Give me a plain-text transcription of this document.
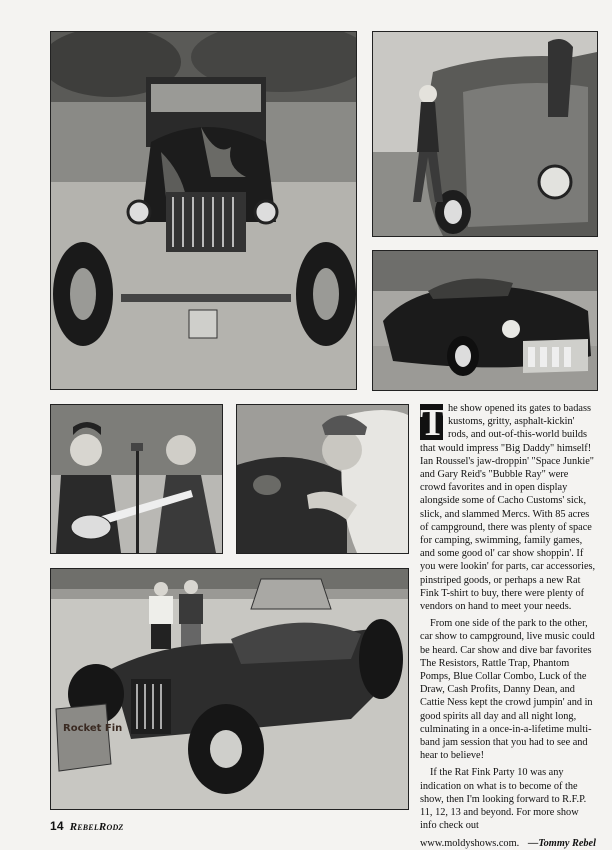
Rocket Fin

T he show opened its gates to badass kustoms, gritty, asphalt-kickin' rods, and out-of-this-world builds that would impress "Big Daddy" himself! Ian Roussel's jaw-droppin' "Space Junkie" and Gary Reid's "Bubble Ray" were crowd favorites and in open display alongside some of Cacho Customs' sick, slick, and slammed Mercs. With 85 acres of campground, there was plenty of space for camping, swimming, family games, and some good ol' car show shoppin'. If you were lookin' for parts, car accessories, pinstriped goods, or perhaps a new Rat Fink T-shirt to buy, there were plenty of vendors on hand to meet your needs.

From one side of the park to the other, car show to campground, live music could be heard. Car show and dive bar favorites The Resistors, Rattle Trap, Phantom Pomps, Blue Collar Combo, Luck of the Draw, Cash Profits, Danny Dean, and Cattie Ness kept the crowd jumpin' and in good spirits all day and all night long, culminating in a once-in-a-lifetime multi-band jam session that you had to see and hear to believe!

If the Rat Fink Party 10 was any indication on what is to become of the show, then I'm looking forward to R.F.P. 11, 12, 13 and beyond. For more show info check out

www.moldyshows.com. —Tommy Rebel
14 RebelRodz
